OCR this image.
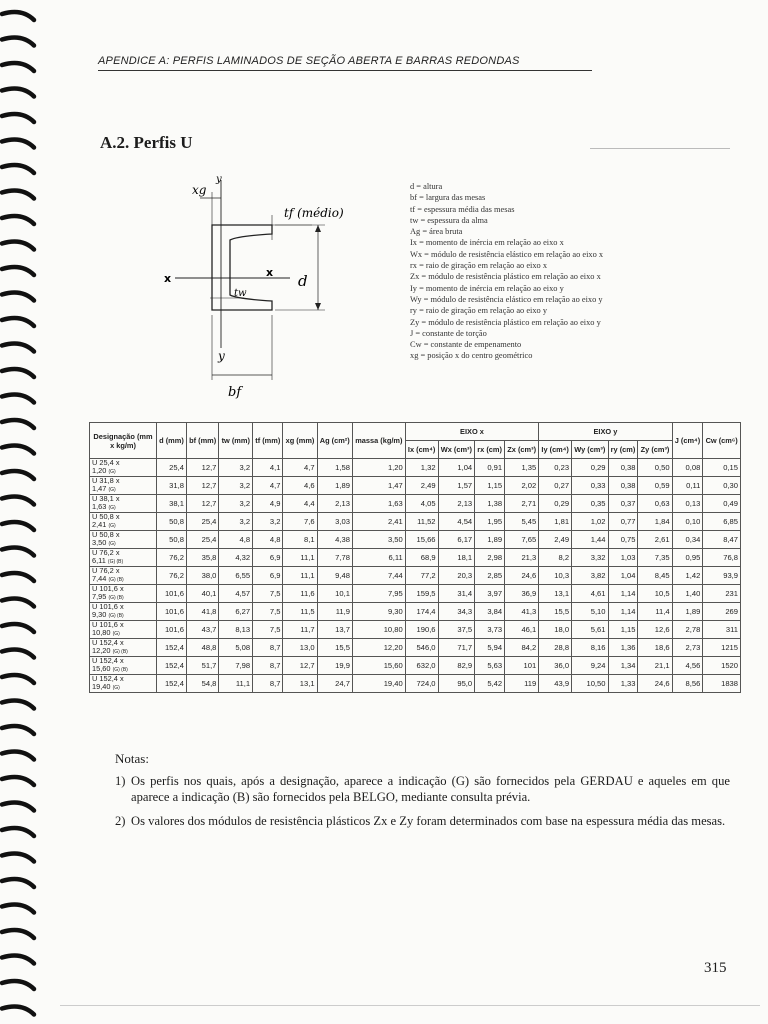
APENDICE A: PERFIS LAMINADOS DE SEÇÃO ABERTA E BARRAS REDONDAS
A.2. Perfis U
xg
y
y
x	x
tf (médio)
d
tw
bf
d = altura
bf = largura das mesas
tf = espessura média das mesas
tw = espessura da alma
Ag = área bruta
Ix = momento de inércia em relação ao eixo x
Wx = módulo de resistência elástico em relação ao eixo x
rx = raio de giração em relação ao eixo x
Zx = módulo de resistência plástico em relação ao eixo x
Iy = momento de inércia em relação ao eixo y
Wy = módulo de resistência elástico em relação ao eixo y
ry = raio de giração em relação ao eixo y
Zy = módulo de resistência plástico em relação ao eixo y
J = constante de torção
Cw = constante de empenamento
xg = posição x do centro geométrico
Designação (mm x kg/m)	d (mm)	bf (mm)	tw (mm)	tf (mm)	xg (mm)	Ag (cm²)	massa (kg/m)	EIXO x				EIXO y				J (cm⁴)	Cw (cm⁶)
								Ix (cm⁴)	Wx (cm³)	rx (cm)	Zx (cm³)	Iy (cm⁴)	Wy (cm³)	ry (cm)	Zy (cm³)		

U 25,4 x
1,20 (G)	25,4	12,7	3,2	4,1	4,7	1,58	1,20	1,32	1,04	0,91	1,35	0,23	0,29	0,38	0,50	0,08	0,15

U 31,8 x
1,47 (G)	31,8	12,7	3,2	4,7	4,6	1,89	1,47	2,49	1,57	1,15	2,02	0,27	0,33	0,38	0,59	0,11	0,30

U 38,1 x
1,63 (G)	38,1	12,7	3,2	4,9	4,4	2,13	1,63	4,05	2,13	1,38	2,71	0,29	0,35	0,37	0,63	0,13	0,49

U 50,8 x
2,41 (G)	50,8	25,4	3,2	3,2	7,6	3,03	2,41	11,52	4,54	1,95	5,45	1,81	1,02	0,77	1,84	0,10	6,85

U 50,8 x
3,50 (G)	50,8	25,4	4,8	4,8	8,1	4,38	3,50	15,66	6,17	1,89	7,65	2,49	1,44	0,75	2,61	0,34	8,47

U 76,2 x
6,11 (G) (B)	76,2	35,8	4,32	6,9	11,1	7,78	6,11	68,9	18,1	2,98	21,3	8,2	3,32	1,03	7,35	0,95	76,8

U 76,2 x
7,44 (G) (B)	76,2	38,0	6,55	6,9	11,1	9,48	7,44	77,2	20,3	2,85	24,6	10,3	3,82	1,04	8,45	1,42	93,9

U 101,6 x
7,95 (G) (B)	101,6	40,1	4,57	7,5	11,6	10,1	7,95	159,5	31,4	3,97	36,9	13,1	4,61	1,14	10,5	1,40	231

U 101,6 x
9,30 (G) (B)	101,6	41,8	6,27	7,5	11,5	11,9	9,30	174,4	34,3	3,84	41,3	15,5	5,10	1,14	11,4	1,89	269

U 101,6 x
10,80 (G)	101,6	43,7	8,13	7,5	11,7	13,7	10,80	190,6	37,5	3,73	46,1	18,0	5,61	1,15	12,6	2,78	311

U 152,4 x
12,20 (G) (B)	152,4	48,8	5,08	8,7	13,0	15,5	12,20	546,0	71,7	5,94	84,2	28,8	8,16	1,36	18,6	2,73	1215

U 152,4 x
15,60 (G) (B)	152,4	51,7	7,98	8,7	12,7	19,9	15,60	632,0	82,9	5,63	101	36,0	9,24	1,34	21,1	4,56	1520

U 152,4 x
19,40 (G)	152,4	54,8	11,1	8,7	13,1	24,7	19,40	724,0	95,0	5,42	119	43,9	10,50	1,33	24,6	8,56	1838
Notas:
1) Os perfis nos quais, após a designação, aparece a indicação (G) são fornecidos pela GERDAU e aqueles em que aparece a indicação (B) são fornecidos pela BELGO, mediante consulta prévia.
2) Os valores dos módulos de resistência plásticos Zx e Zy foram determinados com base na espessura média das mesas.
315
